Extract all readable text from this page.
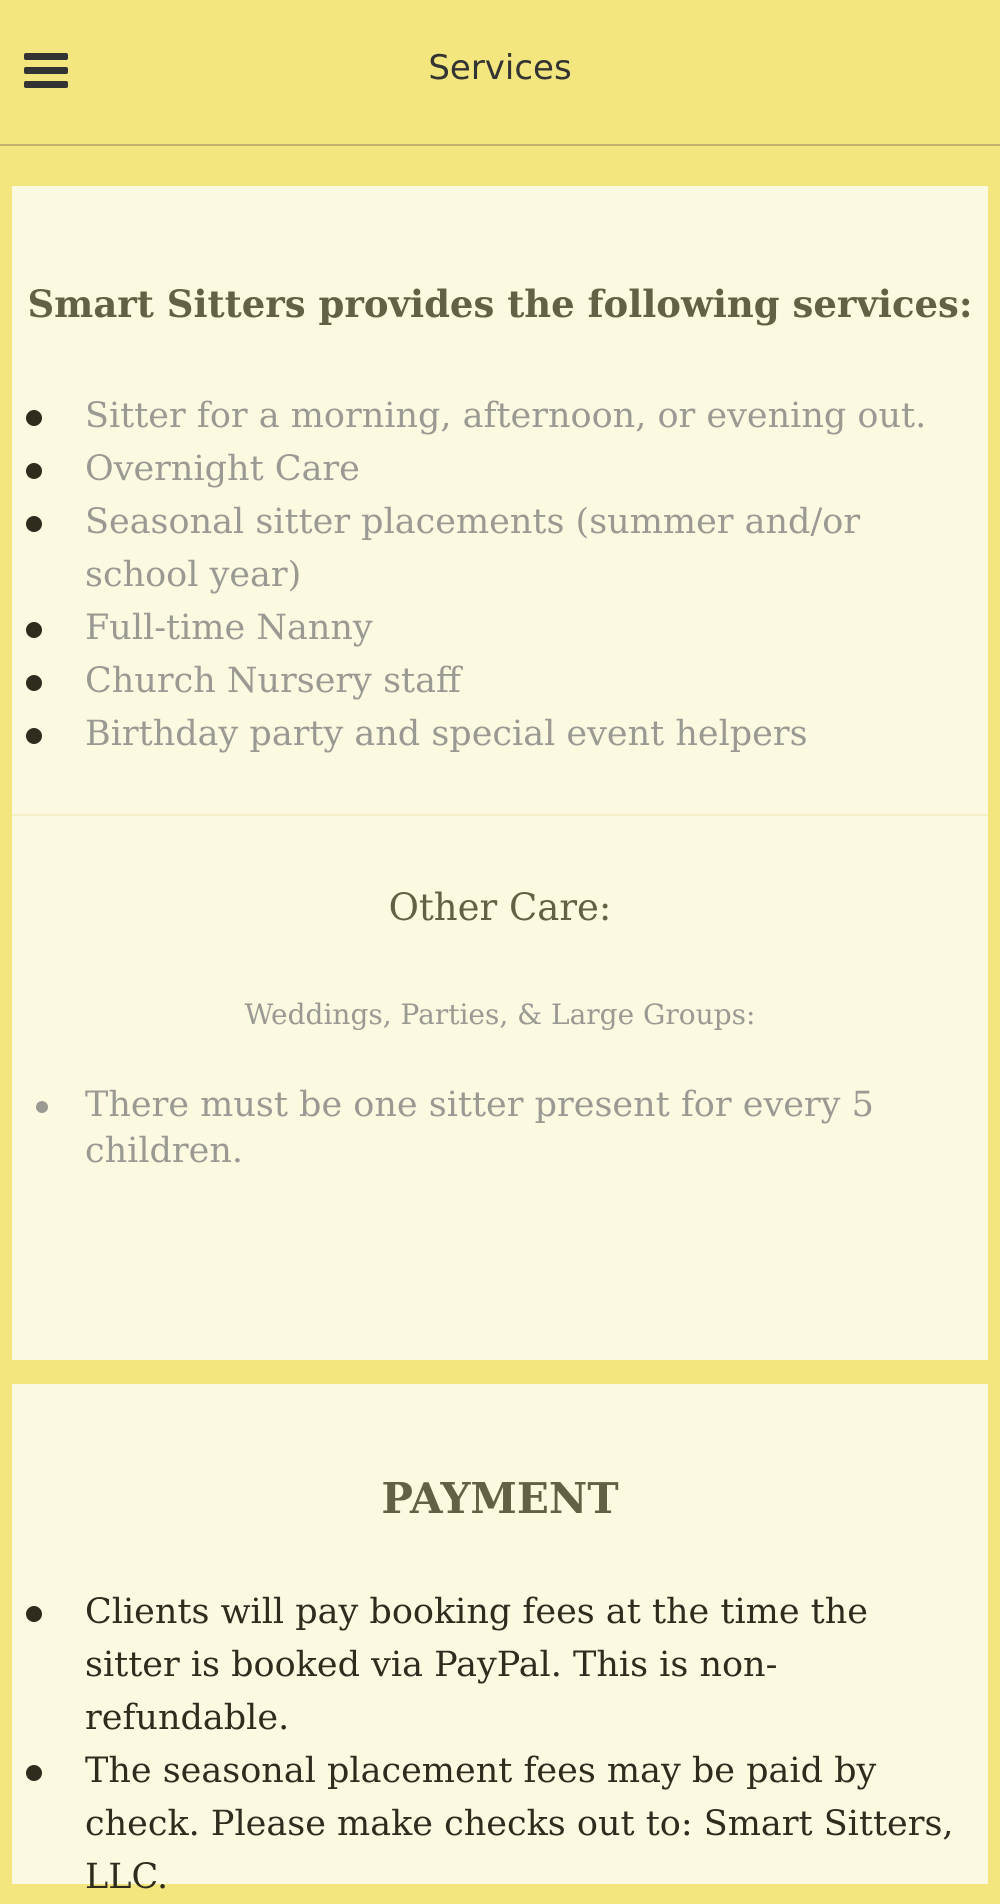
Services
Smart Sitters provides the following services:
Sitter for a morning, afternoon, or evening out.
Overnight Care
Seasonal sitter placements (summer and/or school year)
Full-time Nanny
Church Nursery staff
Birthday party and special event helpers
Other Care:
Weddings, Parties, & Large Groups:
There must be one sitter present for every 5 children.
PAYMENT
Clients will pay booking fees at the time the sitter is booked via PayPal. This is non-refundable.
The seasonal placement fees may be paid by check. Please make checks out to: Smart Sitters, LLC.
